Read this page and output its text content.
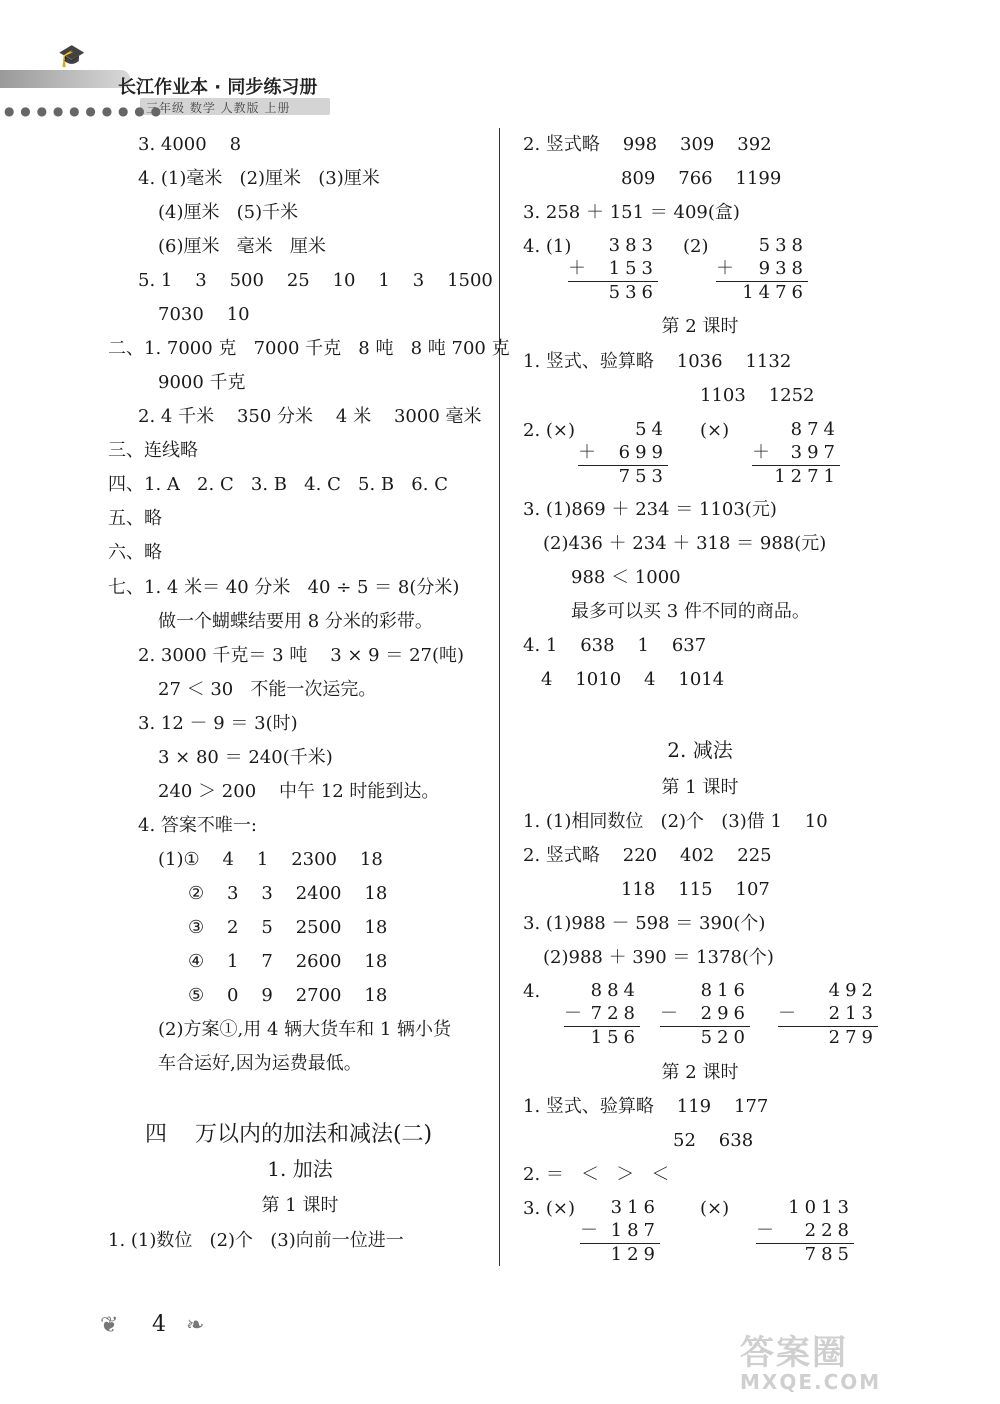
🎓
长江作业本 · 同步练习册
三年级 数学 人教版 上册
● ● ● ● ● ● ● ● ● ●
3. 4000    8
4. (1)毫米   (2)厘米   (3)厘米
(4)厘米   (5)千米
(6)厘米   毫米   厘米
5. 1    3    500    25    10    1    3    1500
7030    10
二、1. 7000 克   7000 千克   8 吨   8 吨 700 克
9000 千克
2. 4 千米    350 分米    4 米    3000 毫米
三、连线略
四、1. A   2. C   3. B   4. C   5. B   6. C
五、略
六、略
七、1. 4 米＝ 40 分米   40 ÷ 5 ＝ 8(分米)
做一个蝴蝶结要用 8 分米的彩带。
2. 3000 千克＝ 3 吨    3 × 9 ＝ 27(吨)
27 ＜ 30   不能一次运完。
3. 12 － 9 ＝ 3(时)
3 × 80 ＝ 240(千米)
240 ＞ 200    中午 12 时能到达。
4. 答案不唯一:
(1)①    4    1    2300    18
②    3    3    2400    18
③    2    5    2500    18
④    1    7    2600    18
⑤    0    9    2700    18
(2)方案①,用 4 辆大货车和 1 辆小货
车合运好,因为运费最低。
四    万以内的加法和减法(二)
1. 加法
第 1 课时
1. (1)数位   (2)个   (3)向前一位进一
2. 竖式略    998    309    392
809    766    1199
3. 258 ＋ 151 ＝ 409(盒)
4. (1)	(2)
383
＋ 153
536
538
＋ 938
1476
第 2 课时
1. 竖式、验算略    1036    1132
1103    1252
2. (×)	(×)
54
＋ 699
753
874
＋ 397
1271
3. (1)869 ＋ 234 ＝ 1103(元)
(2)436 ＋ 234 ＋ 318 ＝ 988(元)
988 ＜ 1000
最多可以买 3 件不同的商品。
4. 1    638    1    637
4    1010    4    1014
2. 减法
第 1 课时
1. (1)相同数位   (2)个   (3)借 1    10
2. 竖式略    220    402    225
118    115    107
3. (1)988 － 598 ＝ 390(个)
(2)988 ＋ 390 ＝ 1378(个)
4.	884
－ 728
156
816
－ 296
520
492
－ 213
279
第 2 课时
1. 竖式、验算略    119    177
52    638
2. ＝   ＜   ＞   ＜
3. (×)	(×)
316
－ 187
129
1013
－ 228
785
❦ 4 ❧
答案圈
MXQE.COM
